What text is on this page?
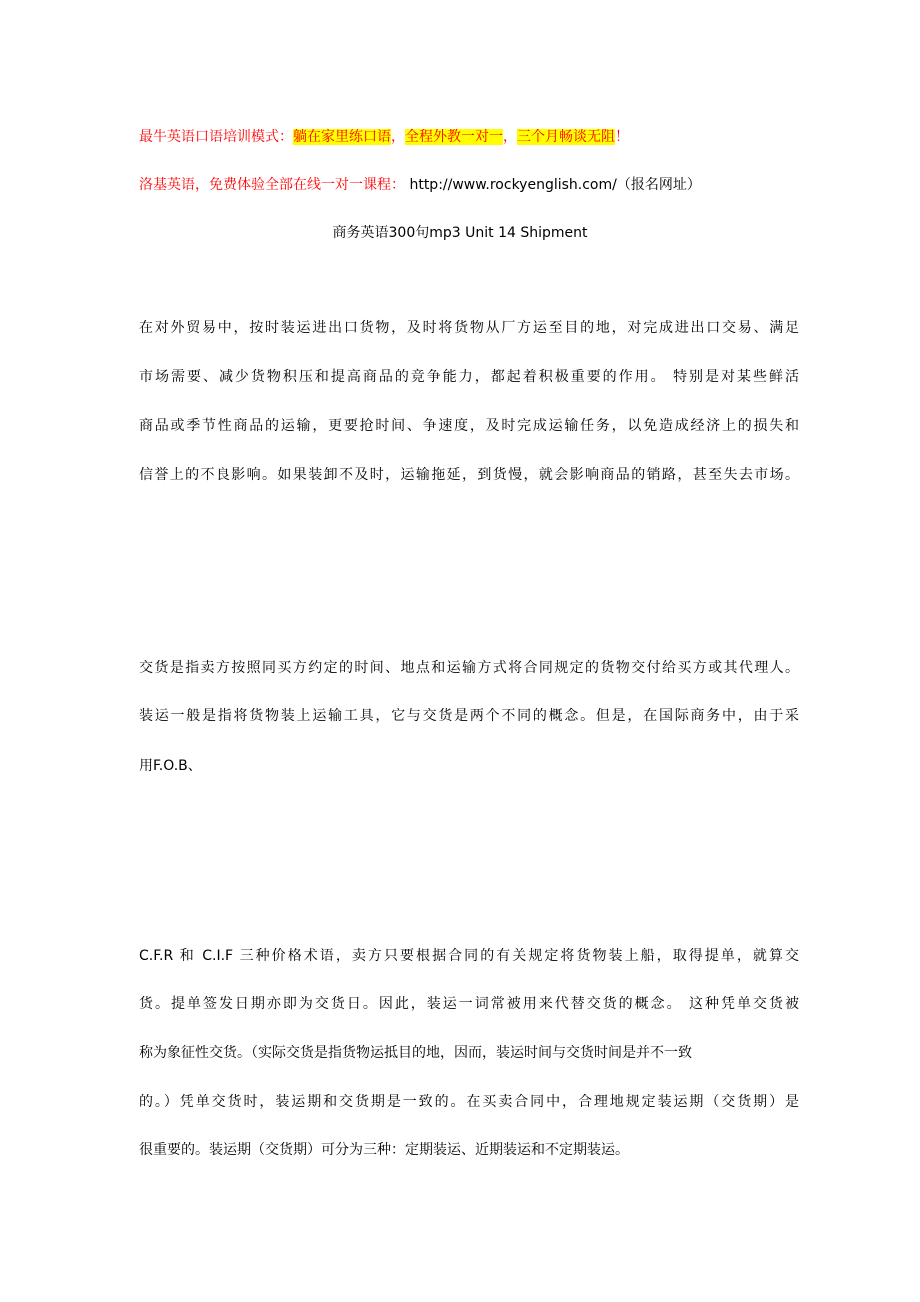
最牛英语口语培训模式：躺在家里练口语，全程外教一对一，三个月畅谈无阻！
洛基英语，免费体验全部在线一对一课程： http://www.rockyenglish.com/（报名网址）
商务英语300句mp3 Unit 14 Shipment
在对外贸易中，按时装运进出口货物，及时将货物从厂方运至目的地，对完成进出口交易、满足
市场需要、减少货物积压和提高商品的竞争能力，都起着积极重要的作用。 特别是对某些鲜活
商品或季节性商品的运输，更要抢时间、争速度，及时完成运输任务，以免造成经济上的损失和
信誉上的不良影响。如果装卸不及时，运输拖延，到货慢，就会影响商品的销路，甚至失去市场。
交货是指卖方按照同买方约定的时间、地点和运输方式将合同规定的货物交付给买方或其代理人。
装运一般是指将货物装上运输工具，它与交货是两个不同的概念。但是，在国际商务中，由于采
用F.O.B、
C.F.R 和 C.I.F 三种价格术语，卖方只要根据合同的有关规定将货物装上船，取得提单，就算交
货。提单签发日期亦即为交货日。因此，装运一词常被用来代替交货的概念。 这种凭单交货被
称为象征性交货。（实际交货是指货物运抵目的地，因而，装运时间与交货时间是并不一致
的。）凭单交货时，装运期和交货期是一致的。在买卖合同中，合理地规定装运期（交货期）是
很重要的。装运期（交货期）可分为三种：定期装运、近期装运和不定期装运。
